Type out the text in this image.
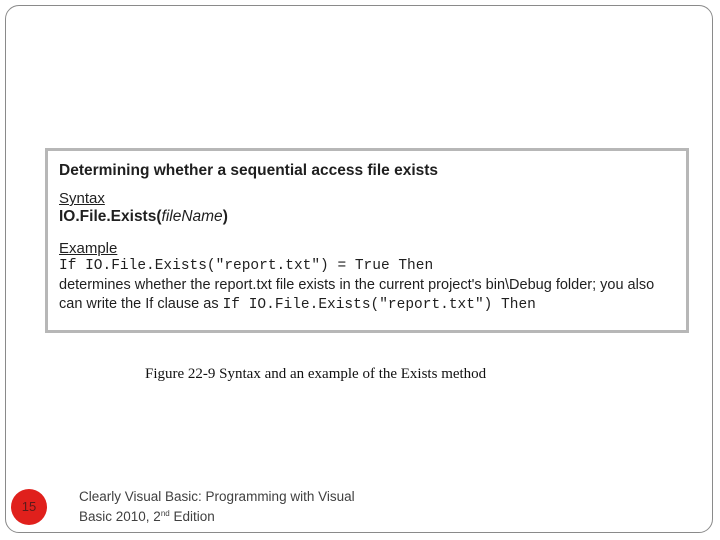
Determining whether a sequential access file exists
Syntax
IO.File.Exists(fileName)
Example
If IO.File.Exists("report.txt") = True Then
determines whether the report.txt file exists in the current project's bin\Debug folder; you also
can write the If clause as If IO.File.Exists("report.txt") Then
Figure 22-9 Syntax and an example of the Exists method
15
Clearly Visual Basic: Programming with Visual
Basic 2010, 2nd Edition
